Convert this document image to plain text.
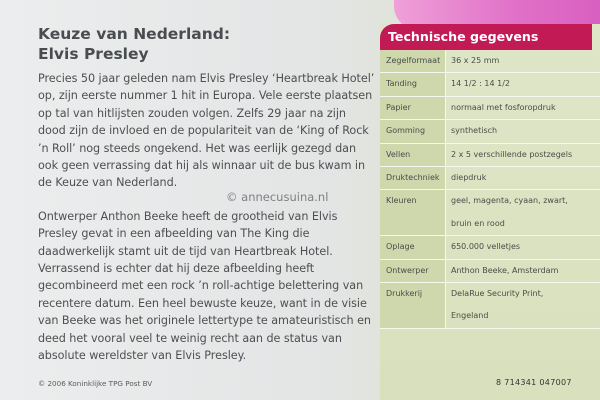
Keuze van Nederland:
Elvis Presley
Precies 50 jaar geleden nam Elvis Presley ‘Heartbreak Hotel’ op, zijn eerste nummer 1 hit in Europa. Vele eerste plaatsen op tal van hitlijsten zouden volgen. Zelfs 29 jaar na zijn dood zijn de invloed en de populariteit van de ‘King of Rock ’n Roll’ nog steeds ongekend. Het was eerlijk gezegd dan ook geen verrassing dat hij als winnaar uit de bus kwam in de Keuze van Nederland.
Ontwerper Anthon Beeke heeft de grootheid van Elvis Presley gevat in een afbeelding van The King die daadwerkelijk stamt uit de tijd van Heartbreak Hotel. Verrassend is echter dat hij deze afbeelding heeft gecombineerd met een rock ’n roll-achtige belettering van recentere datum. Een heel bewuste keuze, want in de visie van Beeke was het originele lettertype te amateuristisch en deed het vooral veel te weinig recht aan de status van absolute wereldster van Elvis Presley.
© 2006 Koninklijke TPG Post BV
© annecusuina.nl
Technische gegevens
Zegelformaat	36 x 25 mm
Tanding	14 1/2 : 14 1/2
Papier	normaal met fosforopdruk
Gomming	synthetisch
Vellen	2 x 5 verschillende postzegels
Druktechniek	diepdruk
Kleuren	geel, magenta, cyaan, zwart,
bruin en rood
Oplage	650.000 velletjes
Ontwerper	Anthon Beeke, Amsterdam
Drukkerij	DelaRue Security Print,
Engeland
8 714341 047007
